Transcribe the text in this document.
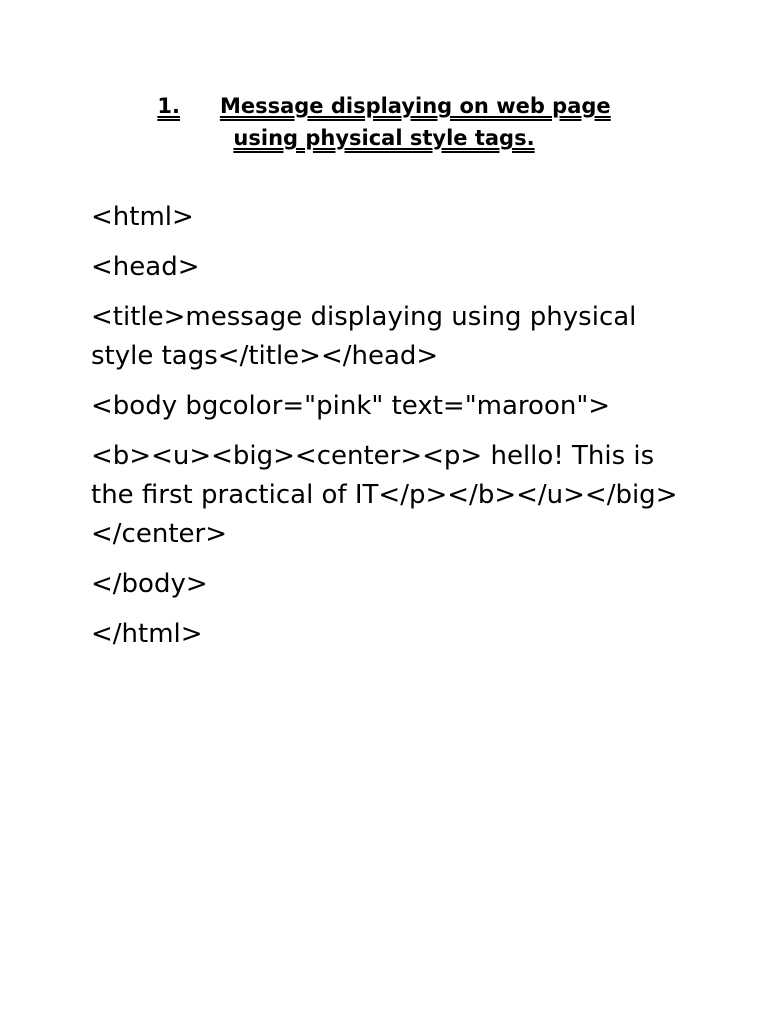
1. Message displaying on web page
using physical style tags.

<html>

<head>

<title>message displaying using physical style tags</title></head>

<body bgcolor="pink" text="maroon">

<b><u><big><center><p> hello! This is the first practical of IT</p></b></u></big></center>

</body>

</html>
